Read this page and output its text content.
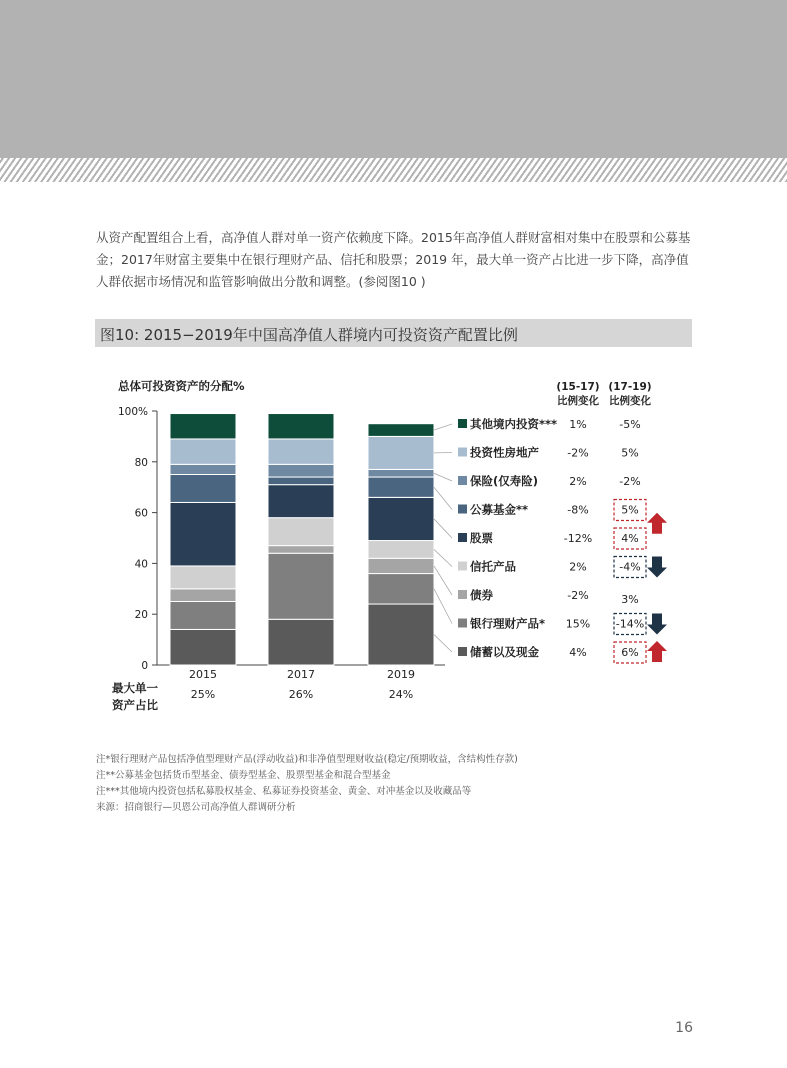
从资产配置组合上看，高净值人群对单一资产依赖度下降。2015年高净值人群财富相对集中在股票和公募基金；2017年财富主要集中在银行理财产品、信托和股票；2019 年，最大单一资产占比进一步下降，高净值人群依据市场情况和监管影响做出分散和调整。(参阅图10 )
图10: 2015−2019年中国高净值人群境内可投资资产配置比例
总体可投资资产的分配%
0
20
40
60
80
100%
2015
25%
2017
26%
2019
24%
最大单一
资产占比
(15-17)
比例变化
(17-19)
比例变化
其他境内投资*** 1%	-5%
投资性房地产	-2%	5%
保险(仅寿险)	2%	-2%
公募基金**	-8%	5%
股票	-12%	4%
信托产品	2%	-4%
债券	-2%	3%
银行理财产品* 15% -14%
储蓄以及现金	4%	6%
注*银行理财产品包括净值型理财产品(浮动收益)和非净值型理财收益(稳定/预期收益，含结构性存款)
注**公募基金包括货币型基金、债券型基金、股票型基金和混合型基金
注***其他境内投资包括私募股权基金、私募证券投资基金、黄金、对冲基金以及收藏品等
来源：招商银行—贝恩公司高净值人群调研分析
16
